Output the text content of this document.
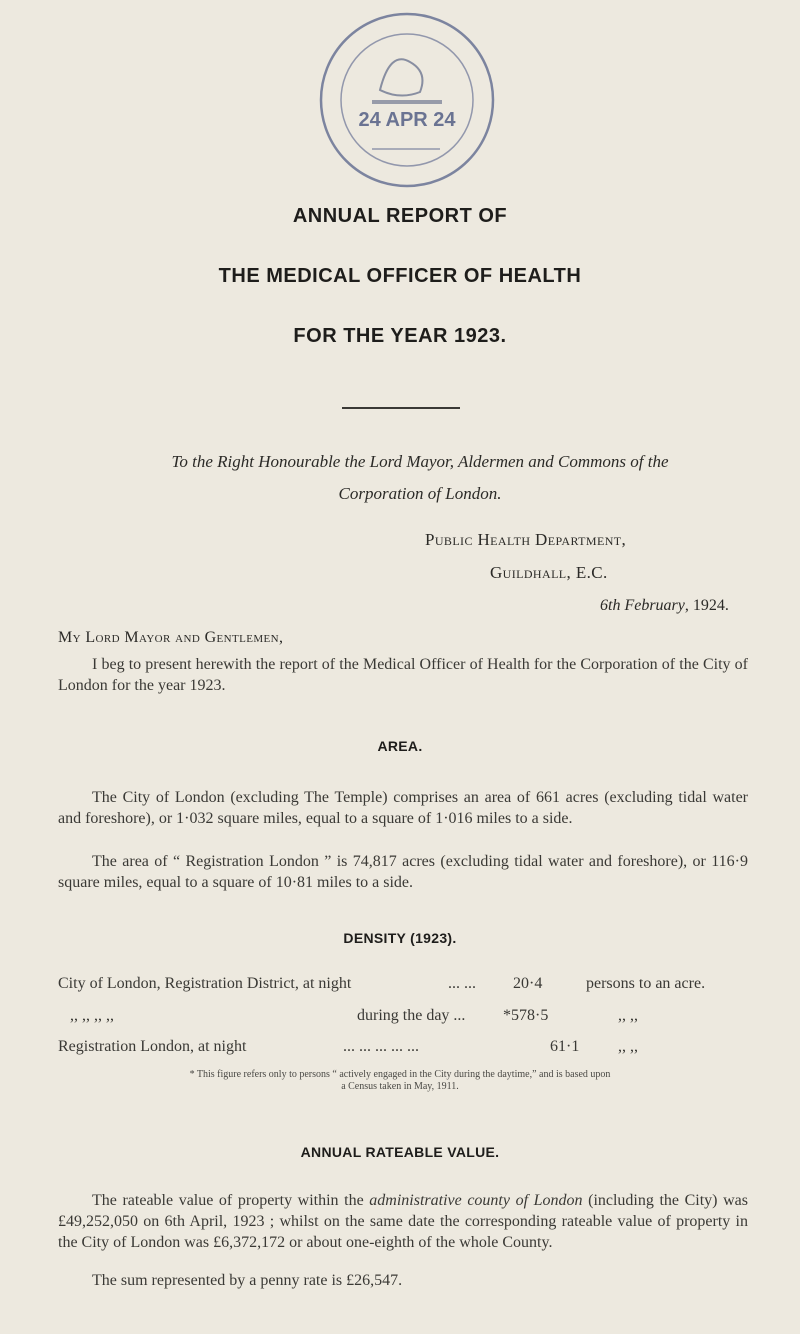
24 APR 24
ANNUAL REPORT OF
THE MEDICAL OFFICER OF HEALTH
FOR THE YEAR 1923.
To the Right Honourable the Lord Mayor, Aldermen and Commons of the
Corporation of London.
Public Health Department,
Guildhall, E.C.
6th February, 1924.
My Lord Mayor and Gentlemen,
I beg to present herewith the report of the Medical Officer of Health for the Corporation of the City of London for the year 1923.
AREA.
The City of London (excluding The Temple) comprises an area of 661 acres (excluding tidal water and foreshore), or 1·032 square miles, equal to a square of 1·016 miles to a side.
The area of “ Registration London ” is 74,817 acres (excluding tidal water and foreshore), or 116·9 square miles, equal to a square of 10·81 miles to a side.
DENSITY (1923).
City of London, Registration District, at night	... ... 20·4	persons to an acre.
,, ,, ,, ,,	during the day ... *578·5	,, ,,
Registration London, at night	... ... ... ... ...	61·1 ,, ,,
* This figure refers only to persons “ actively engaged in the City during the daytime,” and is based upon
a Census taken in May, 1911.
ANNUAL RATEABLE VALUE.
The rateable value of property within the administrative county of London (including the City) was £49,252,050 on 6th April, 1923 ; whilst on the same date the corresponding rateable value of property in the City of London was £6,372,172 or about one-eighth of the whole County.
The sum represented by a penny rate is £26,547.
